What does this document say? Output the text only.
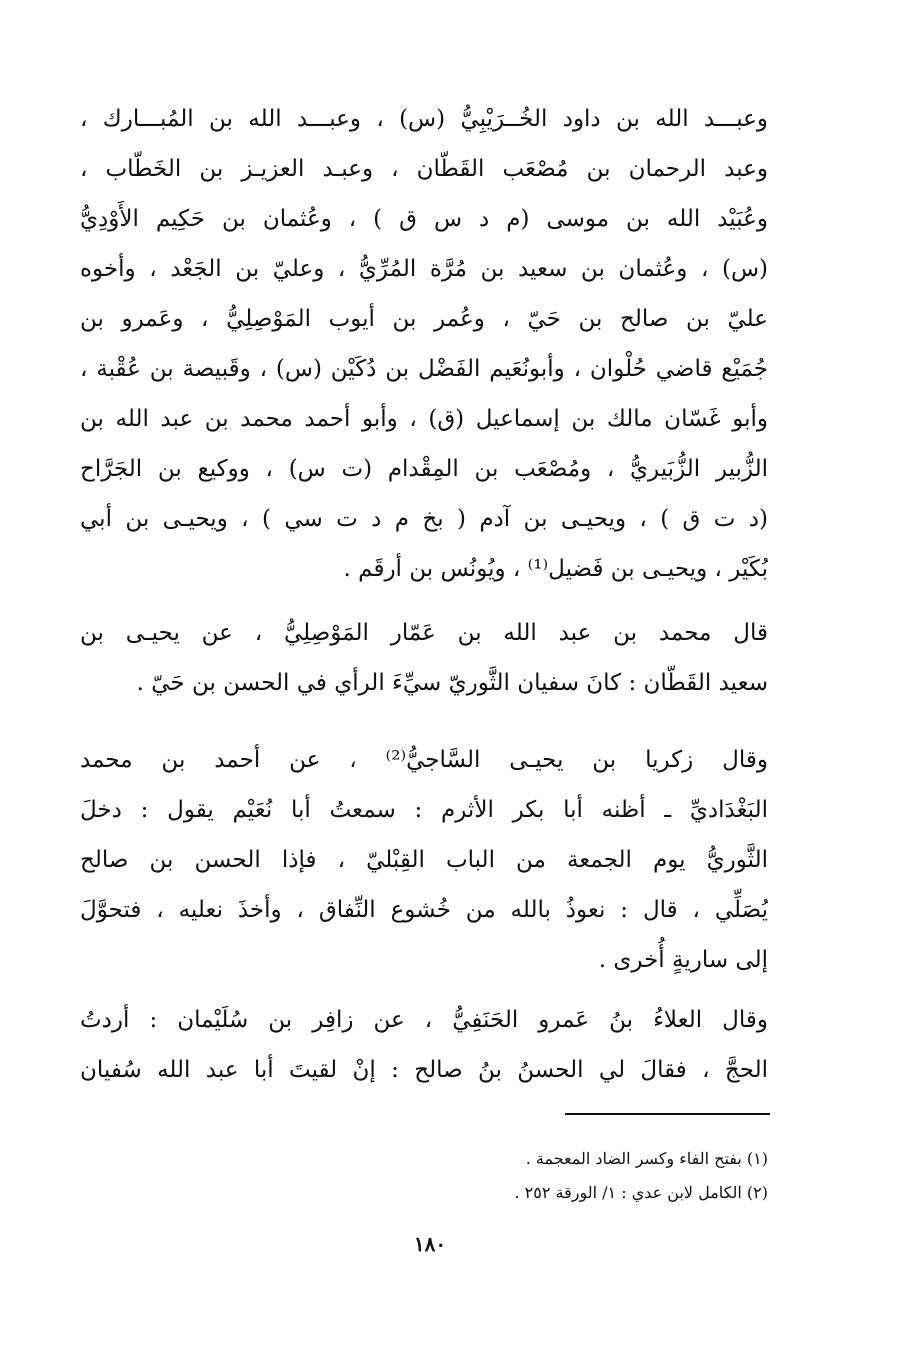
وعبـــد الله بن داود الخُــرَيْبِيُّ (س) ، وعبـــد الله بن المُبـــارك ،
وعبد الرحمان بن مُصْعَب القَطّان ، وعبـد العزيـز بن الخَطّاب ،
وعُبَيْد الله بن موسى (م د س ق ) ، وعُثمان بن حَكِيم الأَوْدِيُّ
(س) ، وعُثمان بن سعيد بن مُرَّة المُرِّيُّ ، وعليّ بن الجَعْد ، وأخوه
عليّ بن صالح بن حَيّ ، وعُمر بن أيوب المَوْصِلِيُّ ، وعَمرو بن
جُمَيْع قاضي حُلْوان ، وأبونُعَيم الفَضْل بن دُكَيْن (س) ، وقَبيصة بن عُقْبة ،
وأبو غَسّان مالك بن إسماعيل (ق) ، وأبو أحمد محمد بن عبد الله بن
الزُّبير الزُّبَيريُّ ، ومُصْعَب بن المِقْدام (ت س) ، ووكيع بن الجَرَّاح
(د ت ق ) ، ويحيـى بن آدم ( بخ م د ت سي ) ، ويحيـى بن أبي
بُكَيْر ، ويحيـى بن فَضيل⁽¹⁾ ، ويُونُس بن أرقَم .
قال محمد بن عبد الله بن عَمّار المَوْصِلِيُّ ، عن يحيـى بن
سعيد القَطّان : كانَ سفيان الثَّوريّ سيِّءَ الرأي في الحسن بن حَيّ .
وقال زكريا بن يحيـى السَّاجيُّ⁽²⁾ ، عن أحمد بن محمد
البَغْدَاديِّ ـ أظنه أبا بكر الأثرم : سمعتُ أبا نُعَيْم يقول : دخلَ
الثَّوريُّ يوم الجمعة من الباب القِبْليّ ، فإذا الحسن بن صالح
يُصَلِّي ، قال : نعوذُ بالله من خُشوع النِّفاق ، وأخذَ نعليه ، فتحوَّلَ
إلى ساريةٍ أُخرى .
وقال العلاءُ بنُ عَمرو الحَنَفِيُّ ، عن زافِر بن سُلَيْمان : أردتُ
الحجَّ ، فقالَ لي الحسنُ بنُ صالح : إنْ لقيتَ أبا عبد الله سُفيان
(١) بفتح الفاء وكسر الضاد المعجمة .
(٢) الكامل لابن عدي : ١/ الورقة ٢٥٢ .
١٨٠
